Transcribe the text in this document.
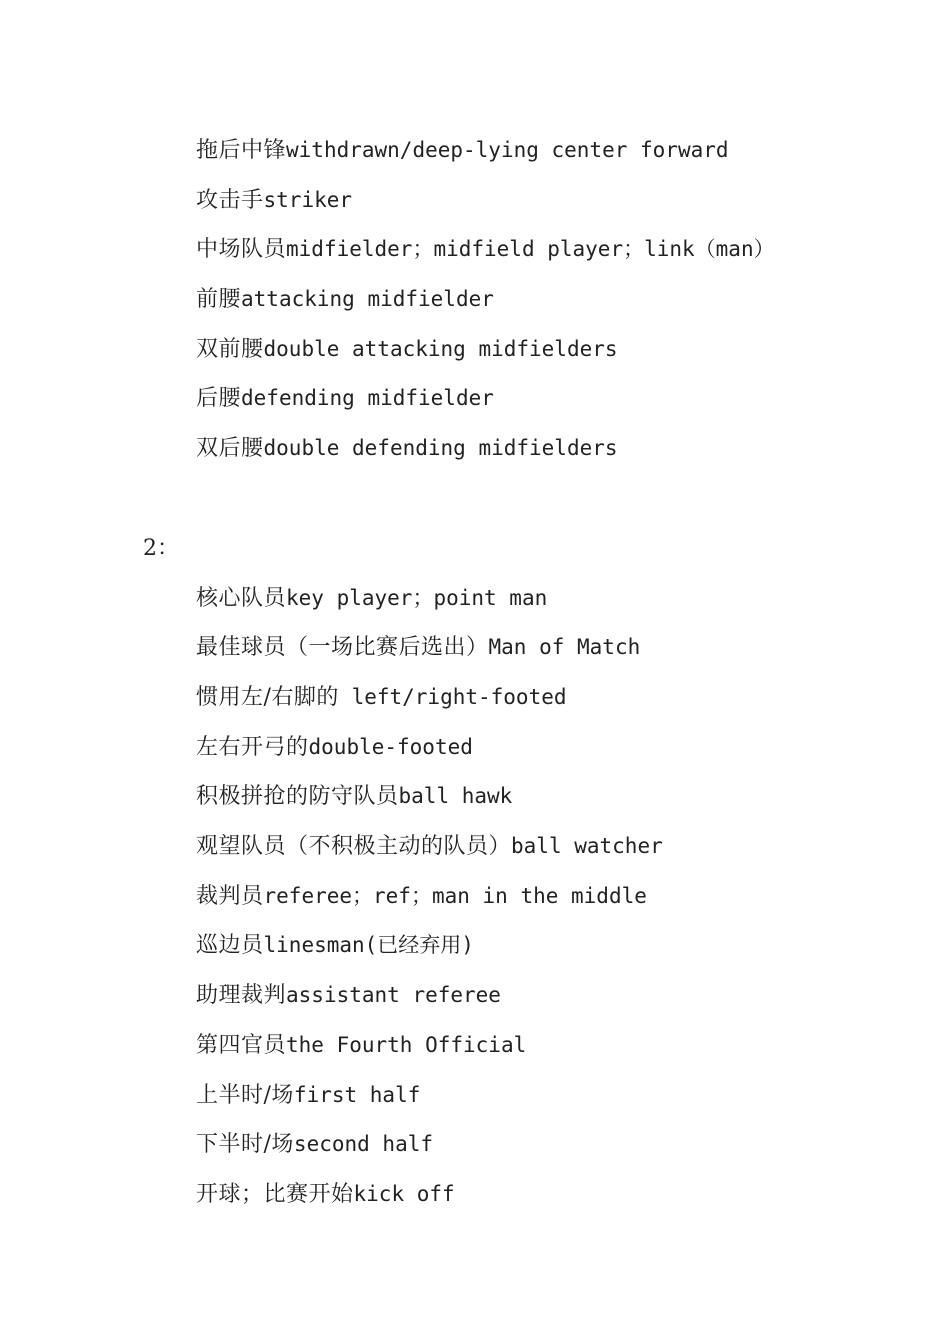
拖后中锋withdrawn/deep-lying center forward
攻击手striker
中场队员midfielder；midfield player；link（man）
前腰attacking midfielder
双前腰double attacking midfielders
后腰defending midfielder
双后腰double defending midfielders
2：
核心队员key player；point man
最佳球员（一场比赛后选出）Man of Match
惯用左/右脚的 left/right-footed
左右开弓的double-footed
积极拼抢的防守队员ball hawk
观望队员（不积极主动的队员）ball watcher
裁判员referee；ref；man in the middle
巡边员linesman(已经弃用)
助理裁判assistant referee
第四官员the Fourth Official
上半时/场first half
下半时/场second half
开球；比赛开始kick off
